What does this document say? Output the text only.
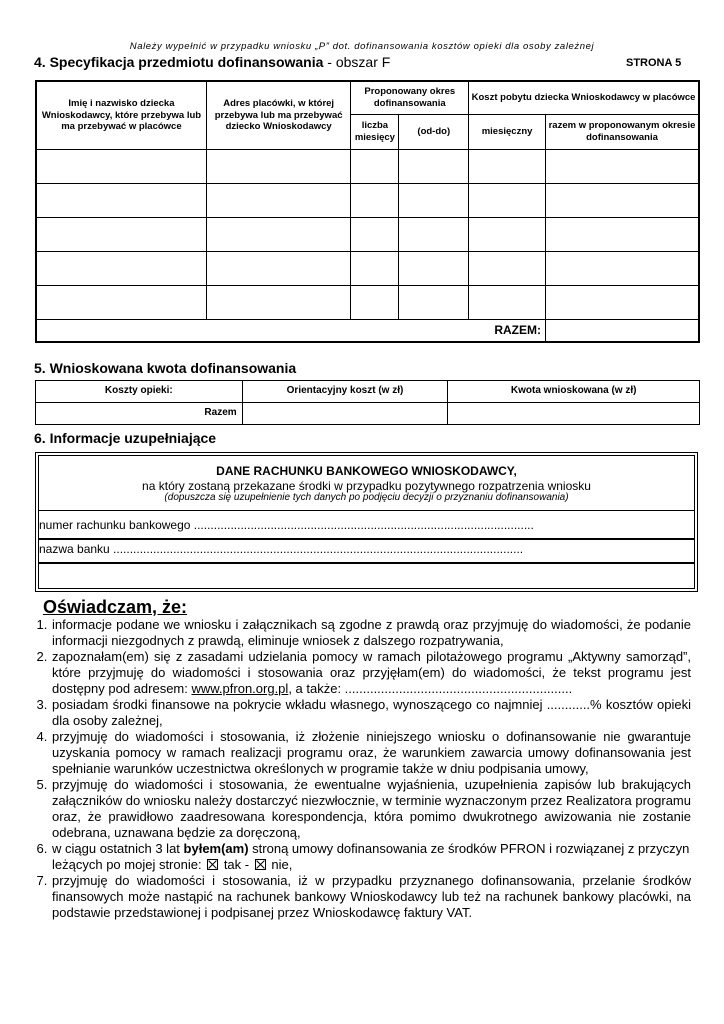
Należy wypełnić w przypadku wniosku „P” dot. dofinansowania kosztów opieki dla osoby zależnej
4. Specyfikacja przedmiotu dofinansowania - obszar F	STRONA 5
Imię i nazwisko dziecka Wnioskodawcy, które przebywa lub ma przebywać w placówce	Adres placówki, w której przebywa lub ma przebywać dziecko Wnioskodawcy	Proponowany okres dofinansowania		Koszt pobytu dziecka Wnioskodawcy w placówce	
		liczba miesięcy	(od-do)	miesięczny	razem w proponowanym okresie dofinansowania

RAZEM:					
5. Wnioskowana kwota dofinansowania
Koszty opieki:	Orientacyjny koszt (w zł)	Kwota wnioskowana (w zł)
Razem		
6. Informacje uzupełniające
DANE RACHUNKU BANKOWEGO WNIOSKODAWCY,
na który zostaną przekazane środki w przypadku pozytywnego rozpatrzenia wniosku
(dopuszcza się uzupełnienie tych danych po podjęciu decyzji o przyznaniu dofinansowania)
numer rachunku bankowego ......................................................................................................
nazwa banku ...........................................................................................................................
Oświadczam, że:
1. informacje podane we wniosku i załącznikach są zgodne z prawdą oraz przyjmuję do wiadomości, że podanie informacji niezgodnych z prawdą, eliminuje wniosek z dalszego rozpatrywania,
2. zapoznałam(em) się z zasadami udzielania pomocy w ramach pilotażowego programu „Aktywny samorząd”, które przyjmuję do wiadomości i stosowania oraz przyjęłam(em) do wiadomości, że tekst programu jest dostępny pod adresem: www.pfron.org.pl, a także: ...............................................................
3. posiadam środki finansowe na pokrycie wkładu własnego, wynoszącego co najmniej ............% kosztów opieki dla osoby zależnej,
4. przyjmuję do wiadomości i stosowania, iż złożenie niniejszego wniosku o dofinansowanie nie gwarantuje uzyskania pomocy w ramach realizacji programu oraz, że warunkiem zawarcia umowy dofinansowania jest spełnianie warunków uczestnictwa określonych w programie także w dniu podpisania umowy,
5. przyjmuję do wiadomości i stosowania, że ewentualne wyjaśnienia, uzupełnienia zapisów lub brakujących załączników do wniosku należy dostarczyć niezwłocznie, w terminie wyznaczonym przez Realizatora programu oraz, że prawidłowo zaadresowana korespondencja, która pomimo dwukrotnego awizowania nie zostanie odebrana, uznawana będzie za doręczoną,
6. w ciągu ostatnich 3 lat byłem(am) stroną umowy dofinansowania ze środków PFRON i rozwiązanej z przyczyn leżących po mojej stronie:  tak -  nie,
7. przyjmuję do wiadomości i stosowania, iż w przypadku przyznanego dofinansowania, przelanie środków finansowych może nastąpić na rachunek bankowy Wnioskodawcy lub też na rachunek bankowy placówki, na podstawie przedstawionej i podpisanej przez Wnioskodawcę faktury VAT.
